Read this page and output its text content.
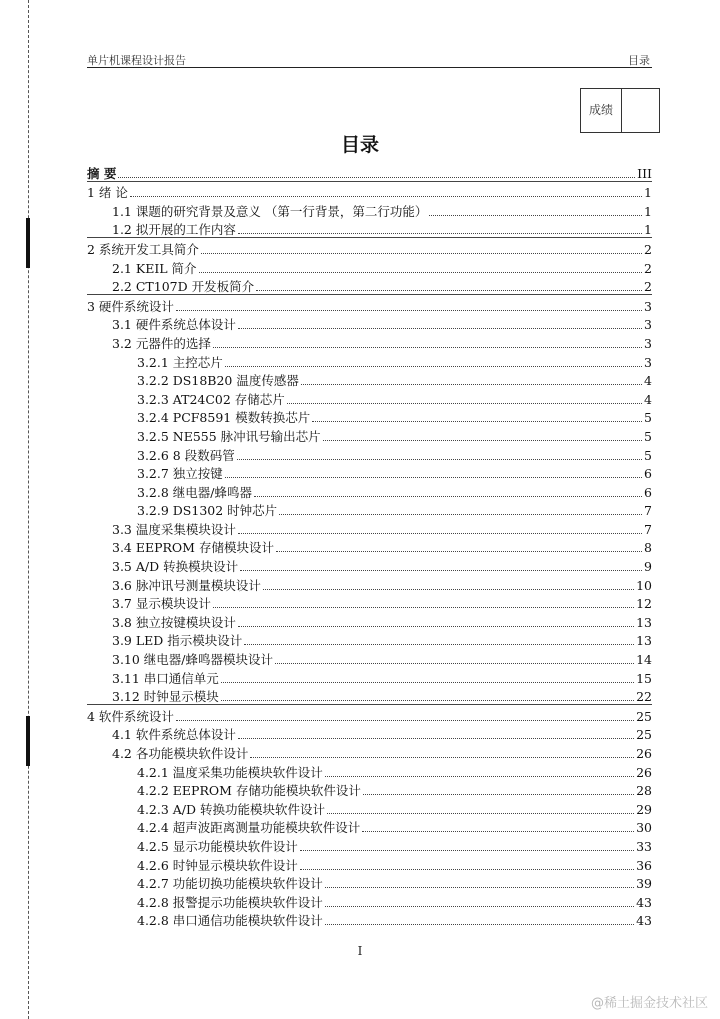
单片机课程设计报告	目录
成绩
目录
摘 要	III
1 绪 论	1
1.1 课题的研究背景及意义 （第一行背景，第二行功能）	1
1.2 拟开展的工作内容	1
2 系统开发工具简介	2
2.1 KEIL 简介	2
2.2 CT107D 开发板简介	2
3 硬件系统设计	3
3.1 硬件系统总体设计	3
3.2 元器件的选择	3
3.2.1 主控芯片	3
3.2.2 DS18B20 温度传感器	4
3.2.3 AT24C02 存储芯片	4
3.2.4 PCF8591 模数转换芯片	5
3.2.5 NE555 脉冲讯号输出芯片	5
3.2.6 8 段数码管	5
3.2.7 独立按键	6
3.2.8 继电器/蜂鸣器	6
3.2.9 DS1302 时钟芯片	7
3.3 温度采集模块设计	7
3.4 EEPROM 存储模块设计	8
3.5 A/D 转换模块设计	9
3.6 脉冲讯号测量模块设计	10
3.7 显示模块设计	12
3.8 独立按键模块设计	13
3.9 LED 指示模块设计	13
3.10 继电器/蜂鸣器模块设计	14
3.11 串口通信单元	15
3.12 时钟显示模块	22
4 软件系统设计	25
4.1 软件系统总体设计	25
4.2 各功能模块软件设计	26
4.2.1 温度采集功能模块软件设计	26
4.2.2 EEPROM 存储功能模块软件设计	28
4.2.3 A/D 转换功能模块软件设计	29
4.2.4 超声波距离测量功能模块软件设计	30
4.2.5 显示功能模块软件设计	33
4.2.6 时钟显示模块软件设计	36
4.2.7 功能切换功能模块软件设计	39
4.2.8 报警提示功能模块软件设计	43
4.2.8 串口通信功能模块软件设计	43
I
@稀土掘金技术社区
